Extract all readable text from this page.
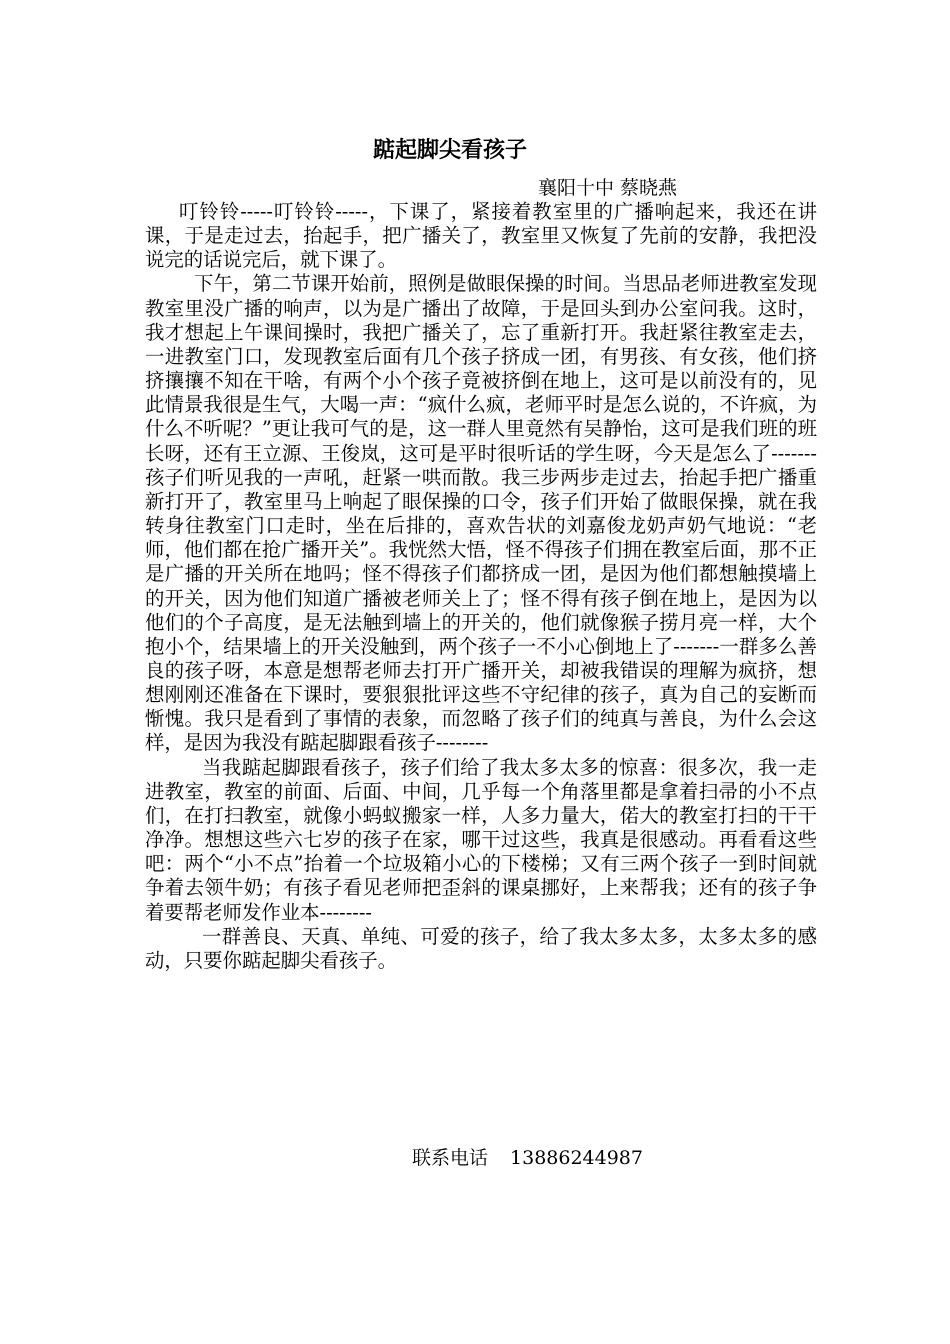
踮起脚尖看孩子
襄阳十中 蔡晓燕

叮铃铃-----叮铃铃-----，下课了，紧接着教室里的广播响起来，我还在讲课，于是走过去，抬起手，把广播关了，教室里又恢复了先前的安静，我把没说完的话说完后，就下课了。

下午，第二节课开始前，照例是做眼保操的时间。当思品老师进教室发现教室里没广播的响声，以为是广播出了故障，于是回头到办公室问我。这时，我才想起上午课间操时，我把广播关了，忘了重新打开。我赶紧往教室走去，一进教室门口，发现教室后面有几个孩子挤成一团，有男孩、有女孩，他们挤挤攘攘不知在干啥，有两个小个孩子竟被挤倒在地上，这可是以前没有的，见此情景我很是生气，大喝一声：“疯什么疯，老师平时是怎么说的，不许疯，为什么不听呢？”更让我可气的是，这一群人里竟然有吴静怡，这可是我们班的班长呀，还有王立源、王俊岚，这可是平时很听话的学生呀，今天是怎么了-------孩子们听见我的一声吼，赶紧一哄而散。我三步两步走过去，抬起手把广播重新打开了，教室里马上响起了眼保操的口令，孩子们开始了做眼保操，就在我转身往教室门口走时，坐在后排的，喜欢告状的刘嘉俊龙奶声奶气地说：“老师，他们都在抢广播开关”。我恍然大悟，怪不得孩子们拥在教室后面，那不正是广播的开关所在地吗；怪不得孩子们都挤成一团，是因为他们都想触摸墙上的开关，因为他们知道广播被老师关上了；怪不得有孩子倒在地上，是因为以他们的个子高度，是无法触到墙上的开关的，他们就像猴子捞月亮一样，大个抱小个，结果墙上的开关没触到，两个孩子一不小心倒地上了-------一群多么善良的孩子呀，本意是想帮老师去打开广播开关，却被我错误的理解为疯挤，想想刚刚还准备在下课时，要狠狠批评这些不守纪律的孩子，真为自己的妄断而惭愧。我只是看到了事情的表象，而忽略了孩子们的纯真与善良，为什么会这样，是因为我没有踮起脚跟看孩子--------

当我踮起脚跟看孩子，孩子们给了我太多太多的惊喜：很多次，我一走进教室，教室的前面、后面、中间，几乎每一个角落里都是拿着扫帚的小不点们，在打扫教室，就像小蚂蚁搬家一样，人多力量大，偌大的教室打扫的干干净净。想想这些六七岁的孩子在家，哪干过这些，我真是很感动。再看看这些吧：两个“小不点”抬着一个垃圾箱小心的下楼梯；又有三两个孩子一到时间就争着去领牛奶；有孩子看见老师把歪斜的课桌挪好，上来帮我；还有的孩子争着要帮老师发作业本--------

一群善良、天真、单纯、可爱的孩子，给了我太多太多，太多太多的感动，只要你踮起脚尖看孩子。

联系电话 13886244987
